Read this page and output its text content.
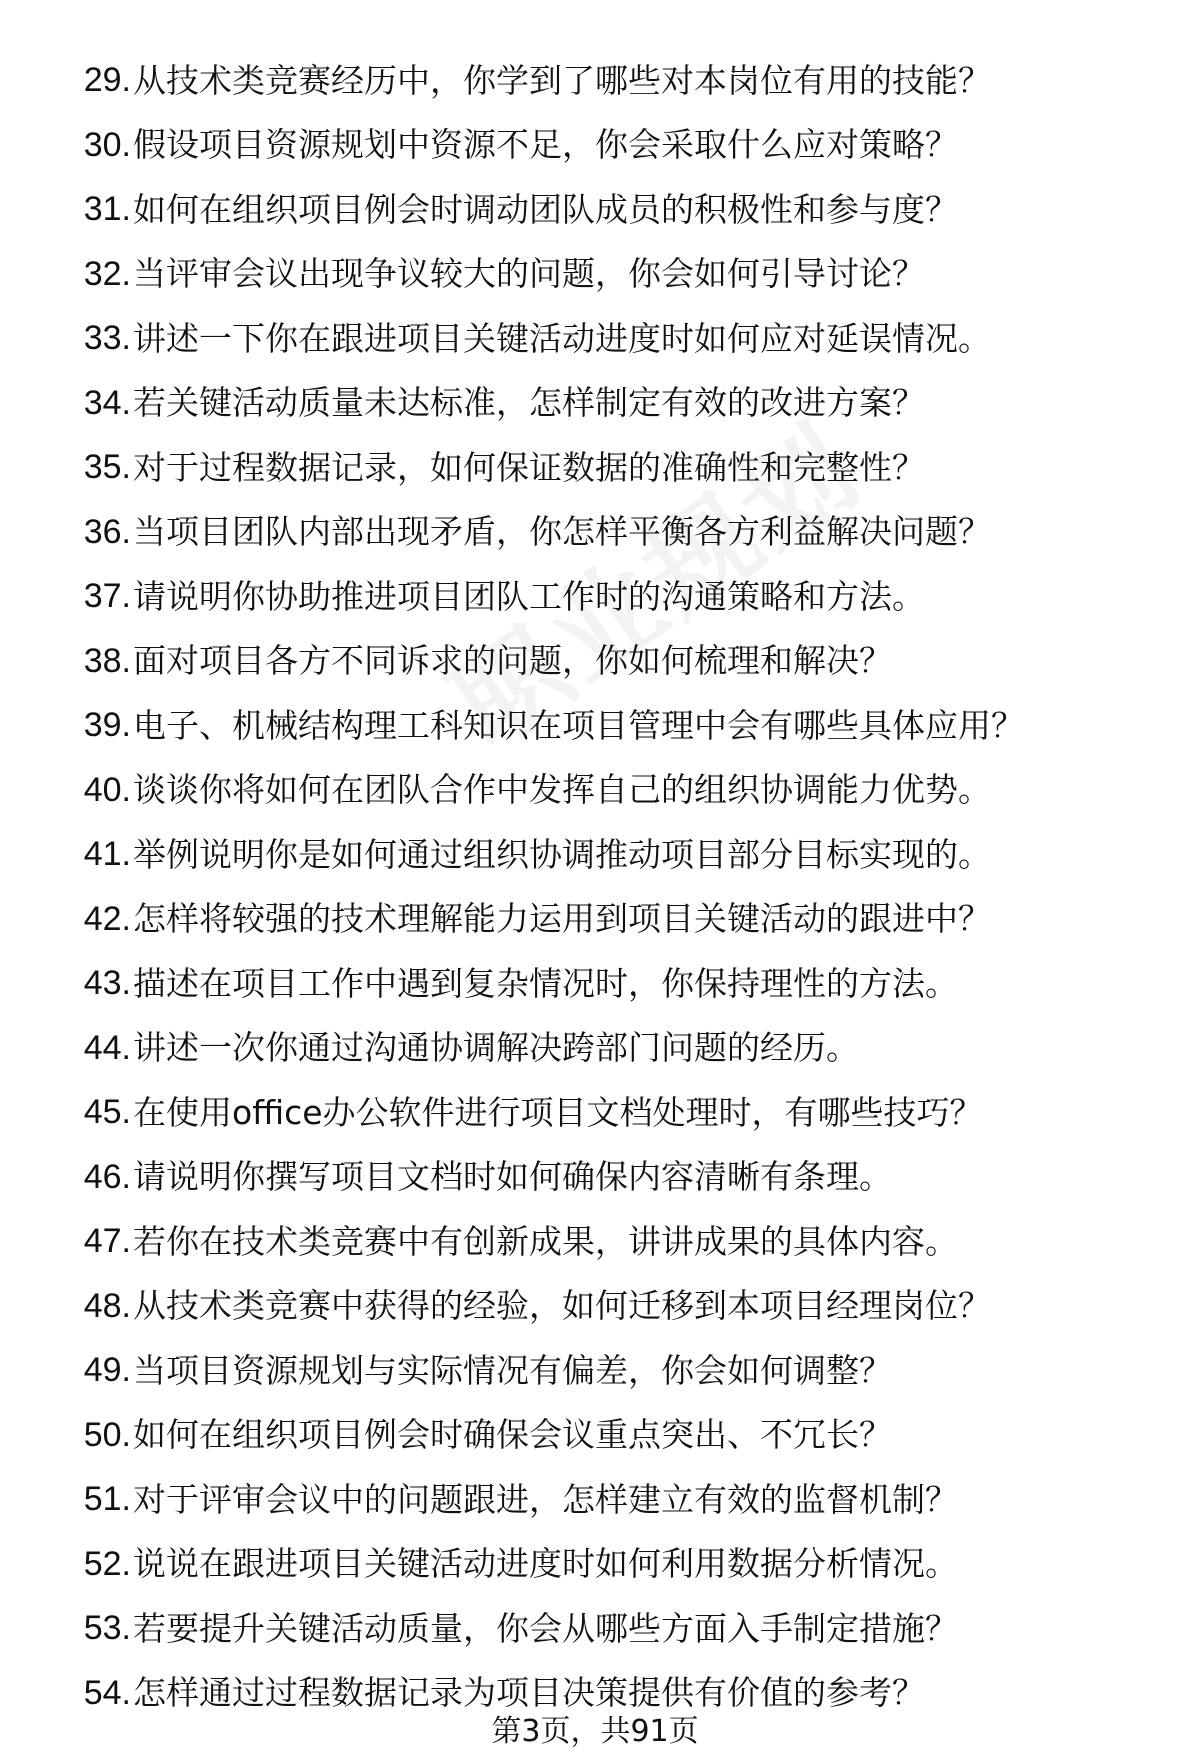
29. 从技术类竞赛经历中，你学到了哪些对本岗位有用的技能？
30. 假设项目资源规划中资源不足，你会采取什么应对策略？
31. 如何在组织项目例会时调动团队成员的积极性和参与度？
32. 当评审会议出现争议较大的问题，你会如何引导讨论？
33. 讲述一下你在跟进项目关键活动进度时如何应对延误情况。
34. 若关键活动质量未达标准，怎样制定有效的改进方案？
35. 对于过程数据记录，如何保证数据的准确性和完整性？
36. 当项目团队内部出现矛盾，你怎样平衡各方利益解决问题？
37. 请说明你协助推进项目团队工作时的沟通策略和方法。
38. 面对项目各方不同诉求的问题，你如何梳理和解决？
39. 电子、机械结构理工科知识在项目管理中会有哪些具体应用？
40. 谈谈你将如何在团队合作中发挥自己的组织协调能力优势。
41. 举例说明你是如何通过组织协调推动项目部分目标实现的。
42. 怎样将较强的技术理解能力运用到项目关键活动的跟进中？
43. 描述在项目工作中遇到复杂情况时，你保持理性的方法。
44. 讲述一次你通过沟通协调解决跨部门问题的经历。
45. 在使用office办公软件进行项目文档处理时，有哪些技巧？
46. 请说明你撰写项目文档时如何确保内容清晰有条理。
47. 若你在技术类竞赛中有创新成果，讲讲成果的具体内容。
48. 从技术类竞赛中获得的经验，如何迁移到本项目经理岗位？
49. 当项目资源规划与实际情况有偏差，你会如何调整？
50. 如何在组织项目例会时确保会议重点突出、不冗长？
51. 对于评审会议中的问题跟进，怎样建立有效的监督机制？
52. 说说在跟进项目关键活动进度时如何利用数据分析情况。
53. 若要提升关键活动质量，你会从哪些方面入手制定措施？
54. 怎样通过过程数据记录为项目决策提供有价值的参考？
第3页，共91页
